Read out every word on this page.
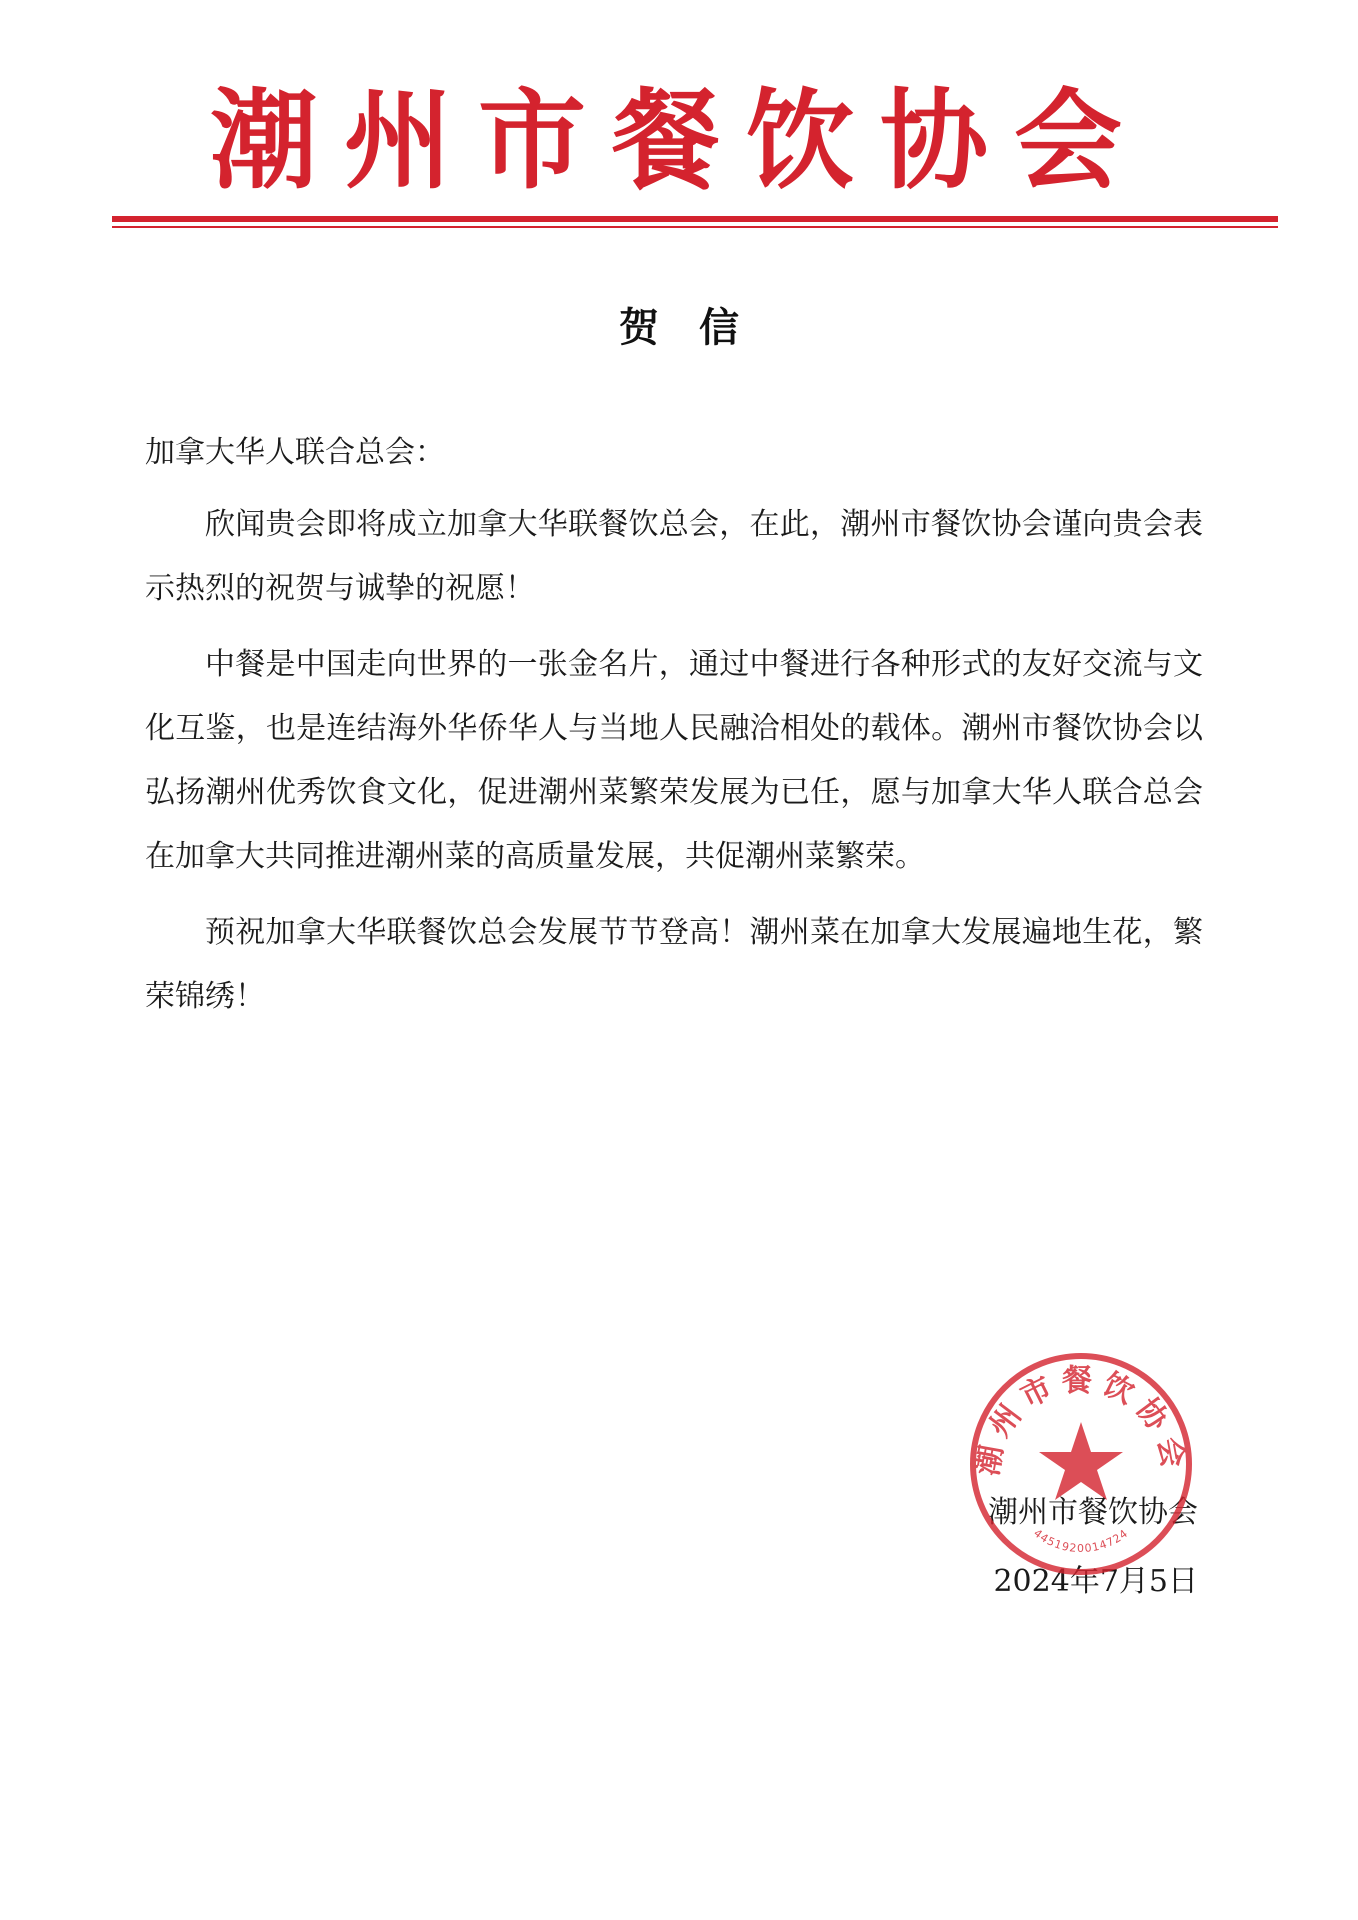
潮州市餐饮协会
贺　信
加拿大华人联合总会：

欣闻贵会即将成立加拿大华联餐饮总会，在此，潮州市餐饮协会谨向贵会表示热烈的祝贺与诚挚的祝愿！

中餐是中国走向世界的一张金名片，通过中餐进行各种形式的友好交流与文化互鉴，也是连结海外华侨华人与当地人民融洽相处的载体。潮州市餐饮协会以弘扬潮州优秀饮食文化，促进潮州菜繁荣发展为已任，愿与加拿大华人联合总会在加拿大共同推进潮州菜的高质量发展，共促潮州菜繁荣。

预祝加拿大华联餐饮总会发展节节登高！潮州菜在加拿大发展遍地生花，繁荣锦绣！

潮州市餐饮协会
2024年7月5日
潮州市餐饮协会
4451920014724
